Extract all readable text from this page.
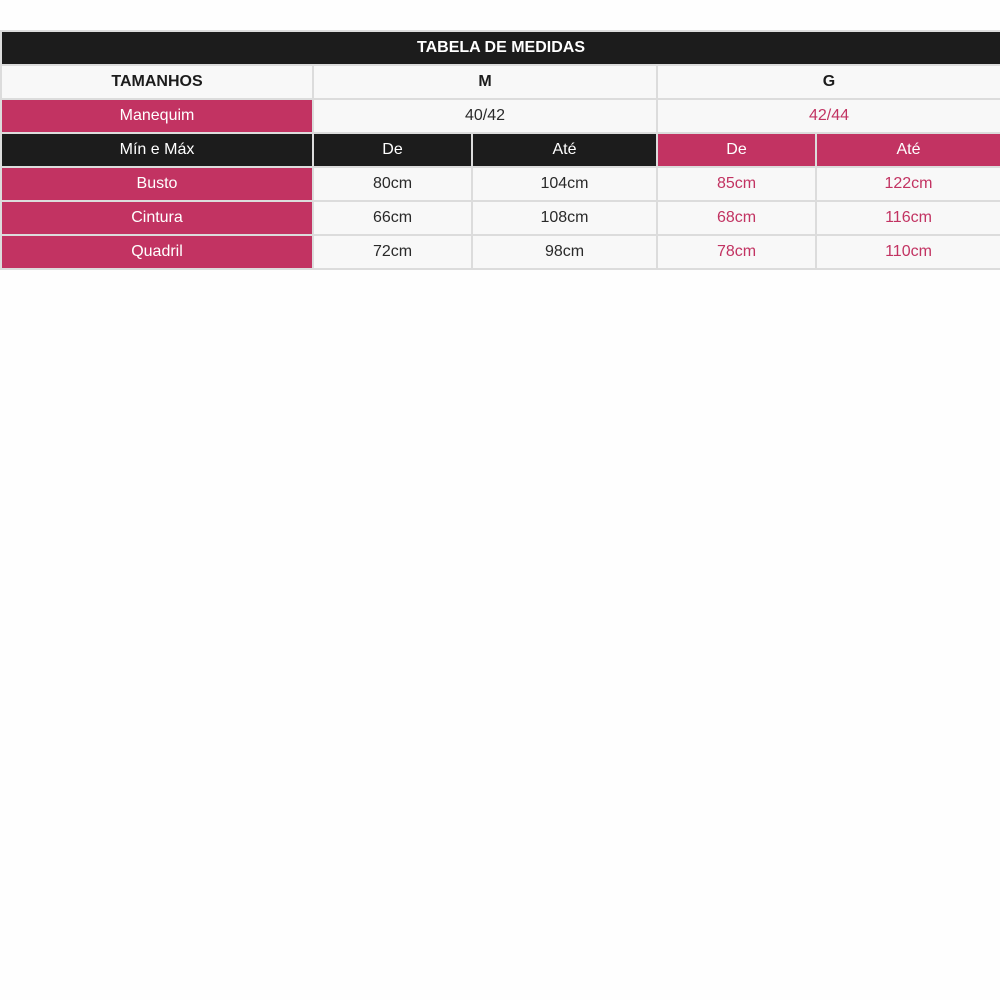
TABELA DE MEDIDAS				
TAMANHOS	M		G	
Manequim	40/42		42/44	
Mín e Máx	De	Até	De	Até
Busto	80cm	104cm	85cm	122cm
Cintura	66cm	108cm	68cm	116cm
Quadril	72cm	98cm	78cm	110cm
